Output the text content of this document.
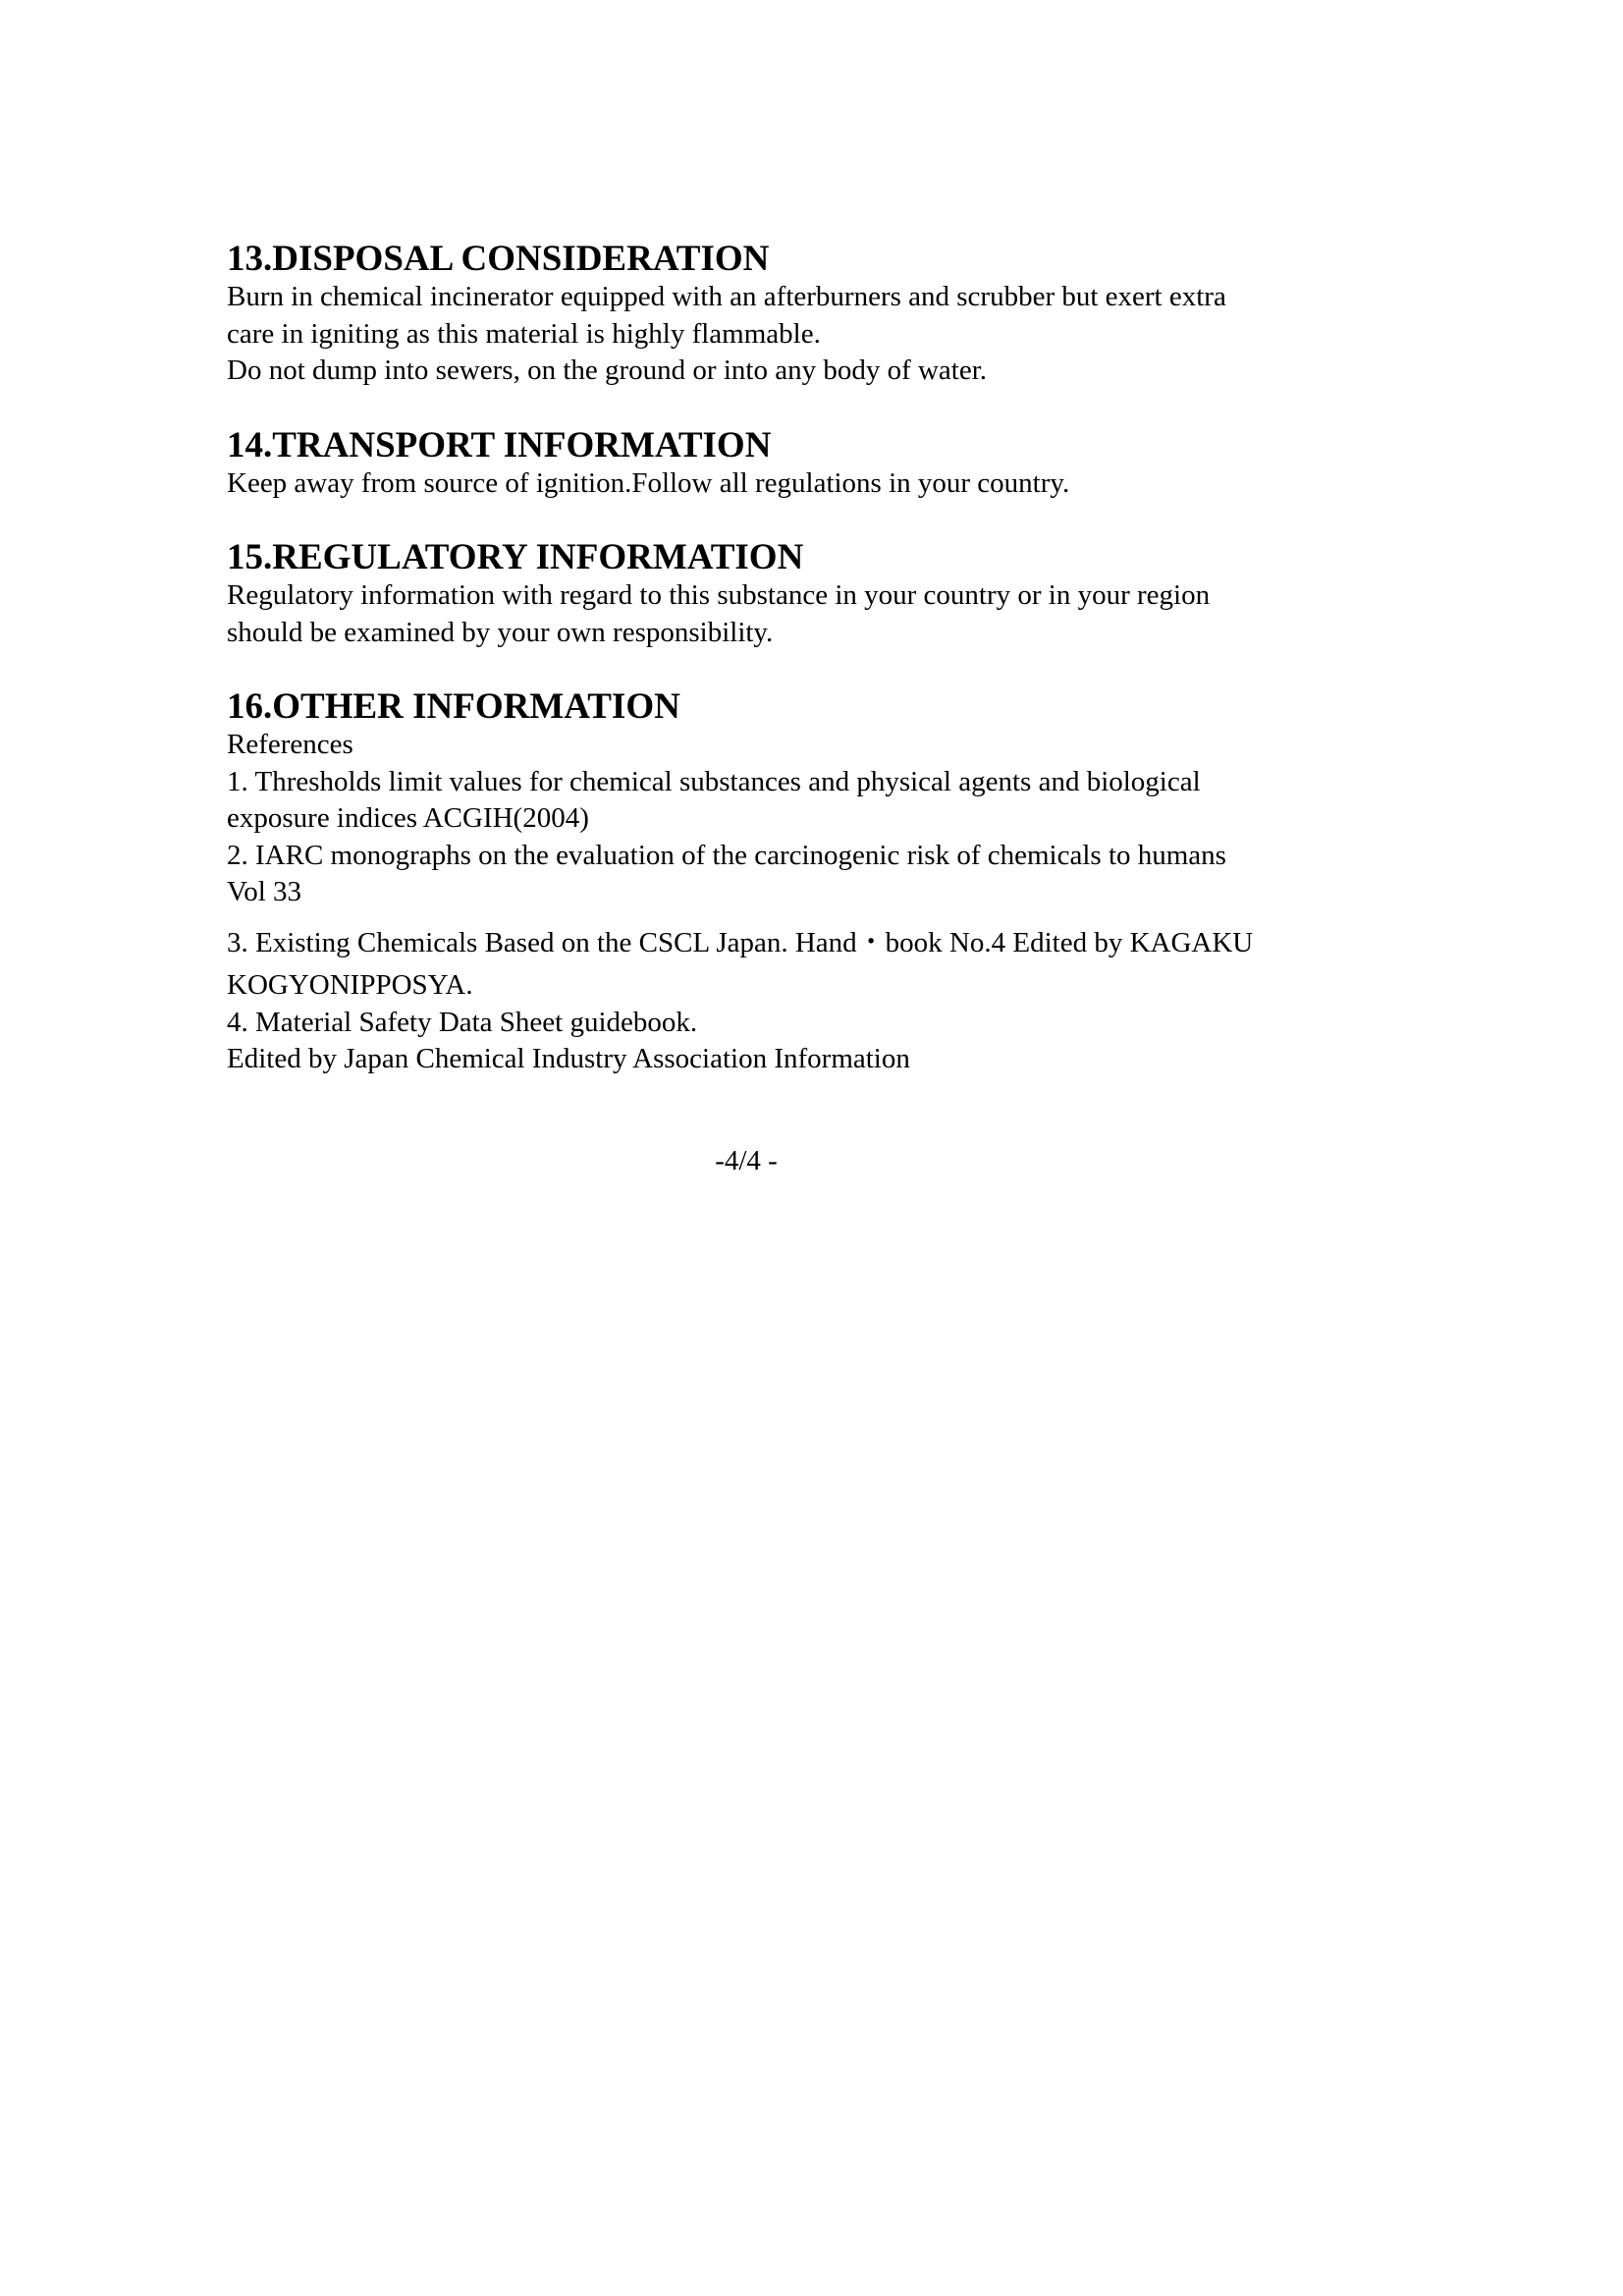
13.DISPOSAL CONSIDERATION
Burn in chemical incinerator equipped with an afterburners and scrubber but exert extra
care in igniting as this material is highly flammable.
Do not dump into sewers, on the ground or into any body of water.
14.TRANSPORT INFORMATION
Keep away from source of ignition.Follow all regulations in your country.
15.REGULATORY INFORMATION
Regulatory information with regard to this substance in your country or in your region
should be examined by your own responsibility.
16.OTHER INFORMATION
References
1. Thresholds limit values for chemical substances and physical agents and biological
exposure indices ACGIH(2004)
2. IARC monographs on the evaluation of the carcinogenic risk of chemicals to humans
Vol 33
3. Existing Chemicals Based on the CSCL Japan. Hand・book No.4 Edited by KAGAKU
KOGYONIPPOSYA.
4. Material Safety Data Sheet guidebook.
Edited by Japan Chemical Industry Association Information
-4/4 -
